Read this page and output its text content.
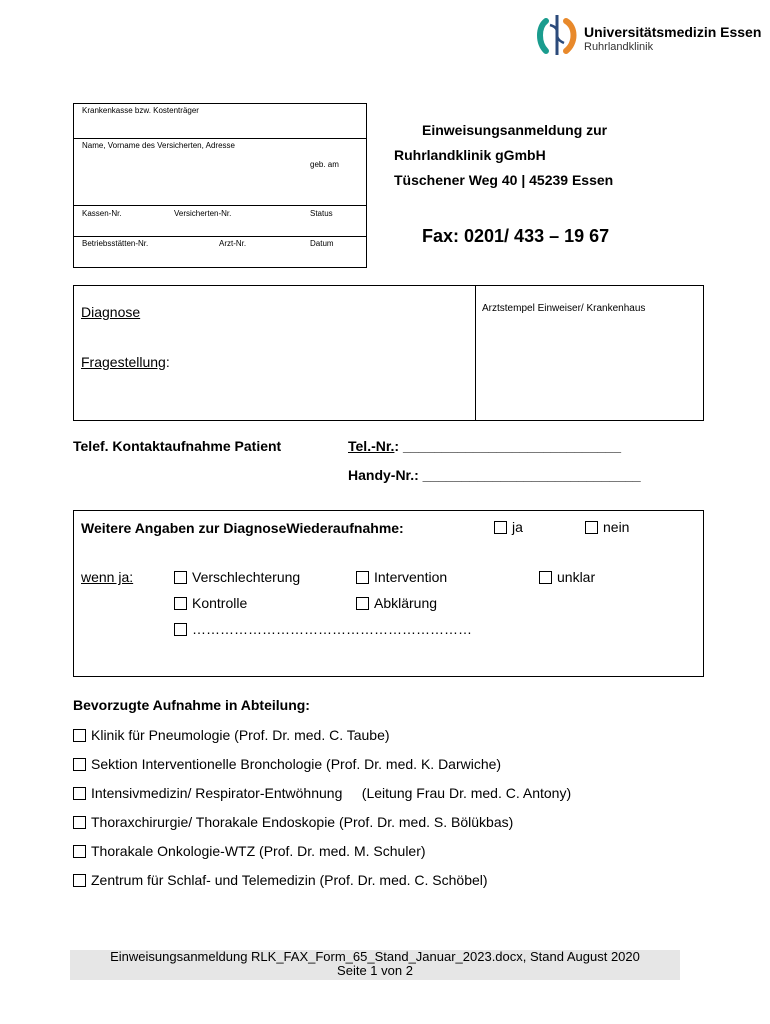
Universitätsmedizin Essen
Ruhrlandklinik
Krankenkasse bzw. Kostenträger
Name, Vorname des Versicherten, Adresse
geb. am
Kassen-Nr.	Versicherten-Nr.	Status
Betriebsstätten-Nr.	Arzt-Nr.	Datum
Einweisungsanmeldung zur
Ruhrlandklinik gGmbH
Tüschener Weg 40 | 45239 Essen
Fax: 0201/ 433 – 19 67
Diagnose
Fragestellung:
Arztstempel Einweiser/ Krankenhaus
Telef. Kontaktaufnahme Patient	Tel.-Nr.: ____________________________
Handy-Nr.: ____________________________
Weitere Angaben zur DiagnoseWiederaufnahme:	ja	nein
wenn ja:	Verschlechterung	Intervention	unklar
Kontrolle	Abklärung
……………………………………………………
Bevorzugte Aufnahme in Abteilung:
Klinik für Pneumologie (Prof. Dr. med. C. Taube)
Sektion Interventionelle Bronchologie (Prof. Dr. med. K. Darwiche)
Intensivmedizin/ Respirator-Entwöhnung     (Leitung Frau Dr. med. C. Antony)
Thoraxchirurgie/ Thorakale Endoskopie (Prof. Dr. med. S. Bölükbas)
Thorakale Onkologie-WTZ (Prof. Dr. med. M. Schuler)
Zentrum für Schlaf- und Telemedizin (Prof. Dr. med. C. Schöbel)
Einweisungsanmeldung RLK_FAX_Form_65_Stand_Januar_2023.docx, Stand August 2020
Seite 1 von 2
